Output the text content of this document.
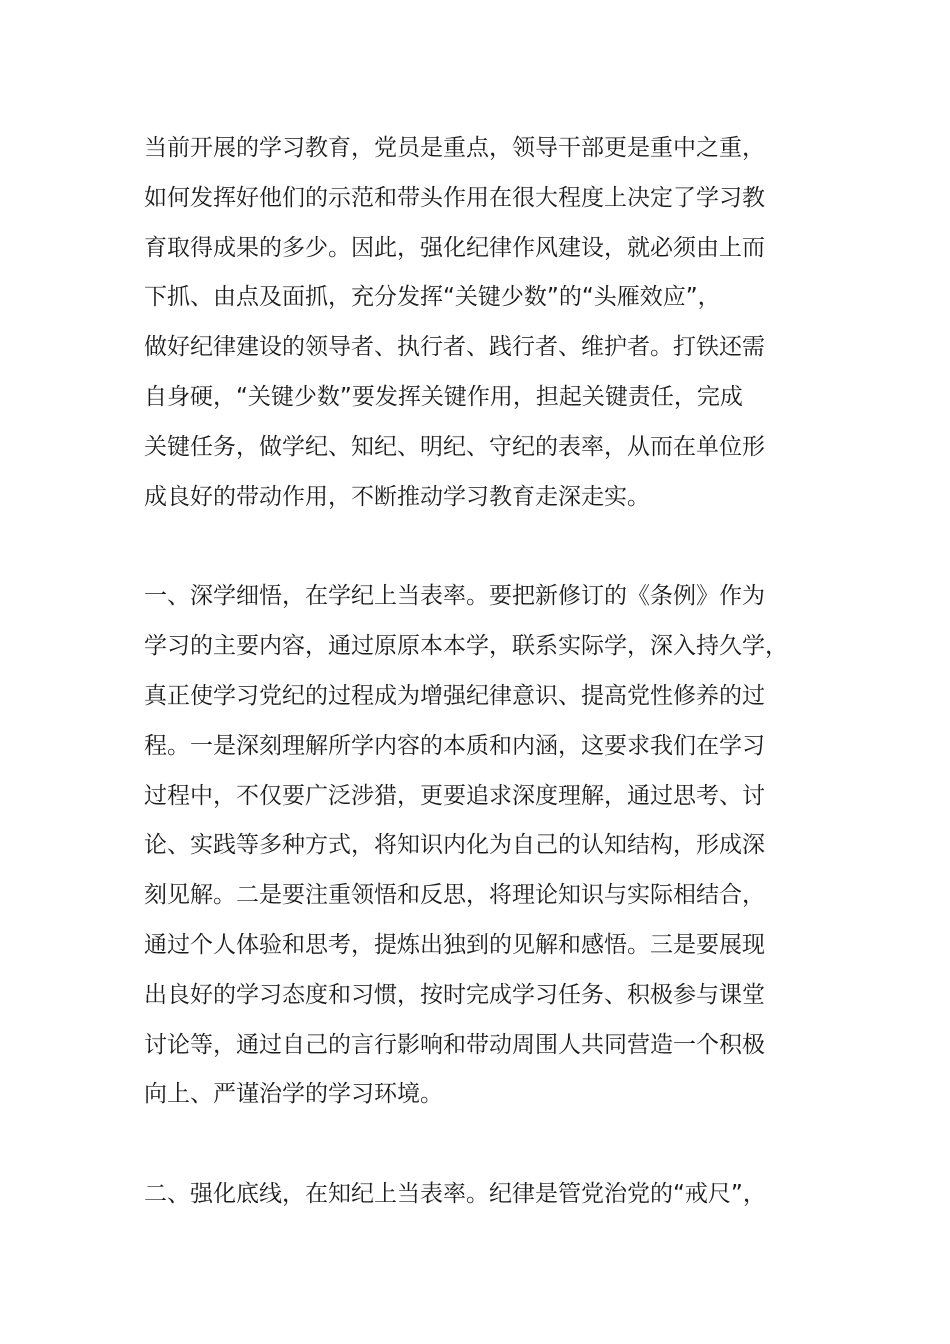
当前开展的学习教育，党员是重点，领导干部更是重中之重，
如何发挥好他们的示范和带头作用在很大程度上决定了学习教
育取得成果的多少。因此，强化纪律作风建设，就必须由上而
下抓、由点及面抓，充分发挥“关键少数”的“头雁效应”，
做好纪律建设的领导者、执行者、践行者、维护者。打铁还需
自身硬，“关键少数”要发挥关键作用，担起关键责任，完成
关键任务，做学纪、知纪、明纪、守纪的表率，从而在单位形
成良好的带动作用，不断推动学习教育走深走实。
一、深学细悟，在学纪上当表率。要把新修订的《条例》作为
学习的主要内容，通过原原本本学，联系实际学，深入持久学，
真正使学习党纪的过程成为增强纪律意识、提高党性修养的过
程。一是深刻理解所学内容的本质和内涵，这要求我们在学习
过程中，不仅要广泛涉猎，更要追求深度理解，通过思考、讨
论、实践等多种方式，将知识内化为自己的认知结构，形成深
刻见解。二是要注重领悟和反思，将理论知识与实际相结合，
通过个人体验和思考，提炼出独到的见解和感悟。三是要展现
出良好的学习态度和习惯，按时完成学习任务、积极参与课堂
讨论等，通过自己的言行影响和带动周围人共同营造一个积极
向上、严谨治学的学习环境。
二、强化底线，在知纪上当表率。纪律是管党治党的“戒尺”，
